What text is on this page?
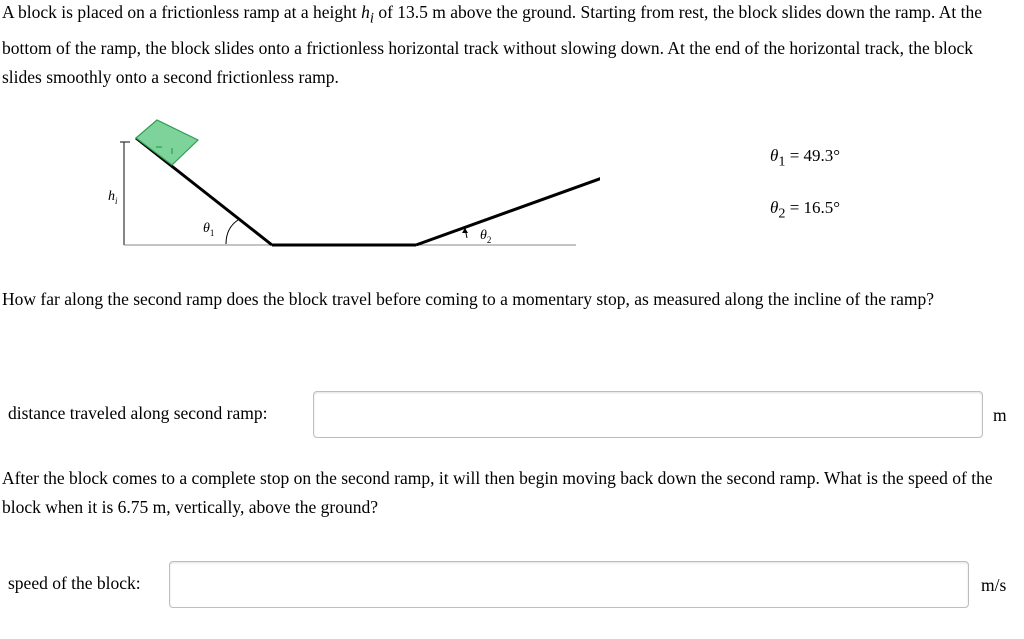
A block is placed on a frictionless ramp at a height $h_i$ of 13.5 m above the ground. Starting from rest, the block slides down the ramp. At the bottom of the ramp, the block slides onto a frictionless horizontal track without slowing down. At the end of the horizontal track, the block slides smoothly onto a second frictionless ramp.

$h_i$
$\theta_1$	$\theta_2$
$\theta_1 = 49.3^\circ$
$\theta_2 = 16.5^\circ$

How far along the second ramp does the block travel before coming to a momentary stop, as measured along the incline of the ramp?

distance traveled along second ramp:	m

After the block comes to a complete stop on the second ramp, it will then begin moving back down the second ramp. What is the speed of the block when it is 6.75 m, vertically, above the ground?

speed of the block:	m/s
